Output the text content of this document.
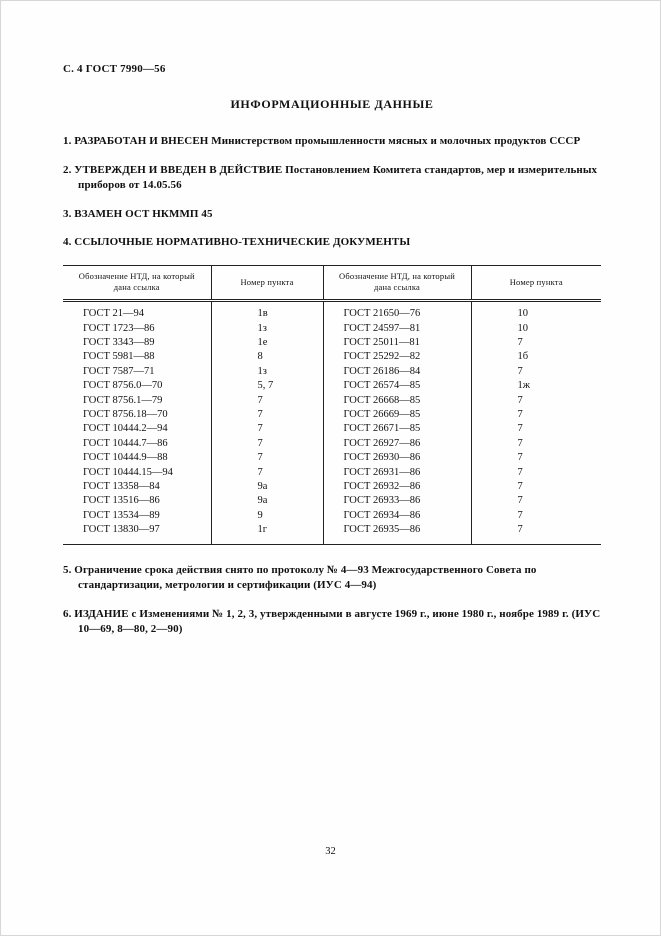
С. 4 ГОСТ 7990—56
ИНФОРМАЦИОННЫЕ ДАННЫЕ

1. РАЗРАБОТАН И ВНЕСЕН Министерством промышленности мясных и молочных продуктов СССР

2. УТВЕРЖДЕН И ВВЕДЕН В ДЕЙСТВИЕ Постановлением Комитета стандартов, мер и измерительных приборов от 14.05.56

3. ВЗАМЕН ОСТ НКММП 45

4. ССЫЛОЧНЫЕ НОРМАТИВНО-ТЕХНИЧЕСКИЕ ДОКУМЕНТЫ

Обозначение НТД, на который дана ссылка	Номер пункта	Обозначение НТД, на который дана ссылка	Номер пункта
ГОСТ 21—94	1в	ГОСТ 21650—76	10
ГОСТ 1723—86	1з	ГОСТ 24597—81	10
ГОСТ 3343—89	1е	ГОСТ 25011—81	7
ГОСТ 5981—88	8	ГОСТ 25292—82	1б
ГОСТ 7587—71	1з	ГОСТ 26186—84	7
ГОСТ 8756.0—70	5, 7	ГОСТ 26574—85	1ж
ГОСТ 8756.1—79	7	ГОСТ 26668—85	7
ГОСТ 8756.18—70	7	ГОСТ 26669—85	7
ГОСТ 10444.2—94	7	ГОСТ 26671—85	7
ГОСТ 10444.7—86	7	ГОСТ 26927—86	7
ГОСТ 10444.9—88	7	ГОСТ 26930—86	7
ГОСТ 10444.15—94	7	ГОСТ 26931—86	7
ГОСТ 13358—84	9а	ГОСТ 26932—86	7
ГОСТ 13516—86	9а	ГОСТ 26933—86	7
ГОСТ 13534—89	9	ГОСТ 26934—86	7
ГОСТ 13830—97	1г	ГОСТ 26935—86	7

5. Ограничение срока действия снято по протоколу № 4—93 Межгосударственного Совета по стандартизации, метрологии и сертификации (ИУС 4—94)

6. ИЗДАНИЕ с Изменениями № 1, 2, 3, утвержденными в августе 1969 г., июне 1980 г., ноябре 1989 г. (ИУС 10—69, 8—80, 2—90)

32
